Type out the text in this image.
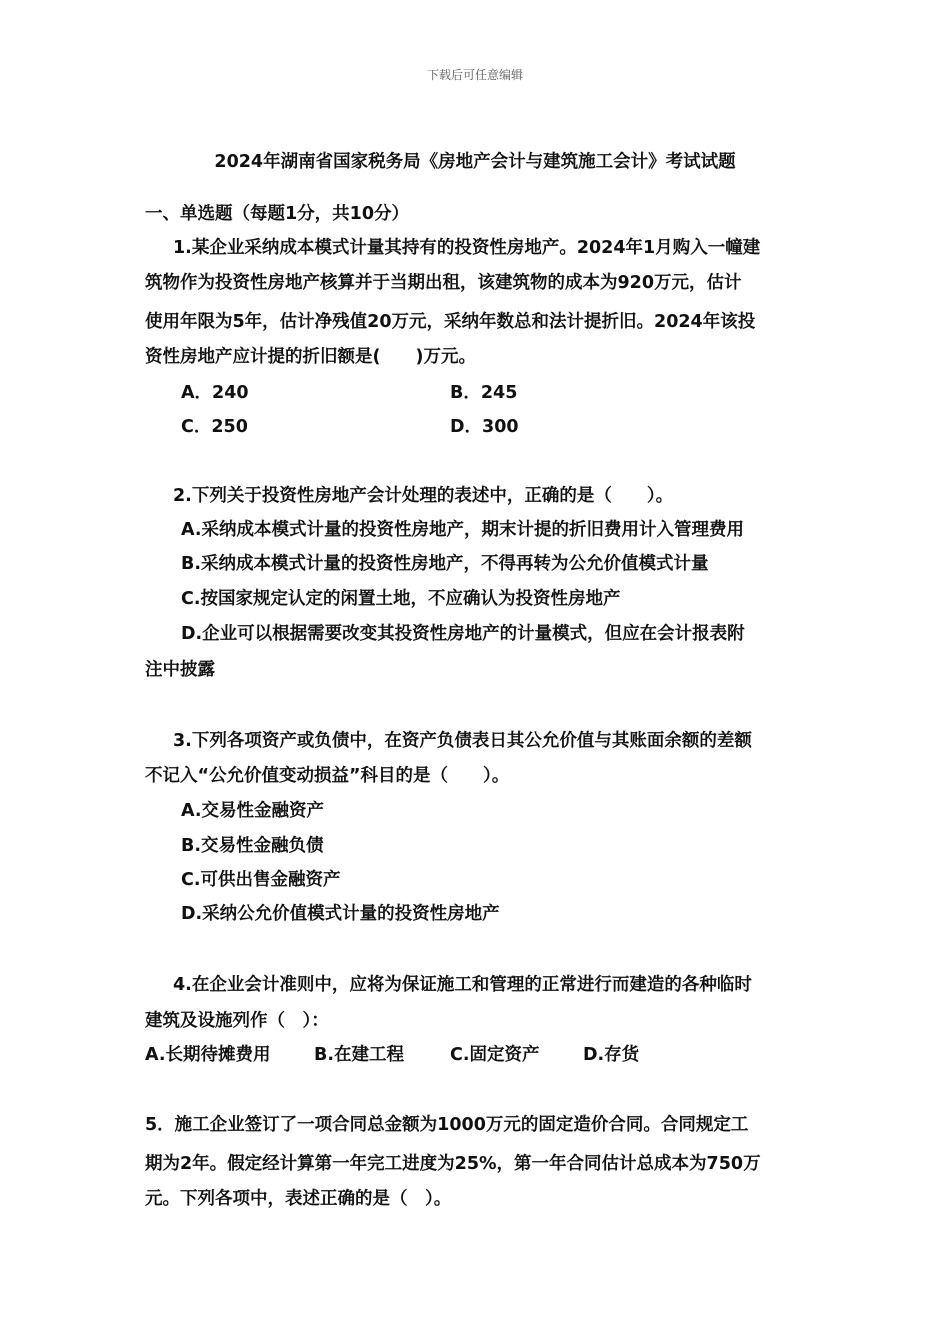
下载后可任意编辑
2024年湖南省国家税务局《房地产会计与建筑施工会计》考试试题
一、单选题（每题1分，共10分）
1.某企业采纳成本模式计量其持有的投资性房地产。2024年1月购入一幢建
筑物作为投资性房地产核算并于当期出租，该建筑物的成本为920万元，估计
使用年限为5年，估计净残值20万元，采纳年数总和法计提折旧。2024年该投
资性房地产应计提的折旧额是(　　)万元。
A．240	B．245
C．250	D．300
2.下列关于投资性房地产会计处理的表述中，正确的是（　　）。
A.采纳成本模式计量的投资性房地产，期末计提的折旧费用计入管理费用
B.采纳成本模式计量的投资性房地产，不得再转为公允价值模式计量
C.按国家规定认定的闲置土地，不应确认为投资性房地产
D.企业可以根据需要改变其投资性房地产的计量模式，但应在会计报表附
注中披露
3.下列各项资产或负债中，在资产负债表日其公允价值与其账面余额的差额
不记入“公允价值变动损益”科目的是（　　）。
A.交易性金融资产
B.交易性金融负债
C.可供出售金融资产
D.采纳公允价值模式计量的投资性房地产
4.在企业会计准则中，应将为保证施工和管理的正常进行而建造的各种临时
建筑及设施列作（　）：
A.长期待摊费用 B.在建工程	C.固定资产 D.存货
5．施工企业签订了一项合同总金额为1000万元的固定造价合同。合同规定工
期为2年。假定经计算第一年完工进度为25%，第一年合同估计总成本为750万
元。下列各项中，表述正确的是（　）。
